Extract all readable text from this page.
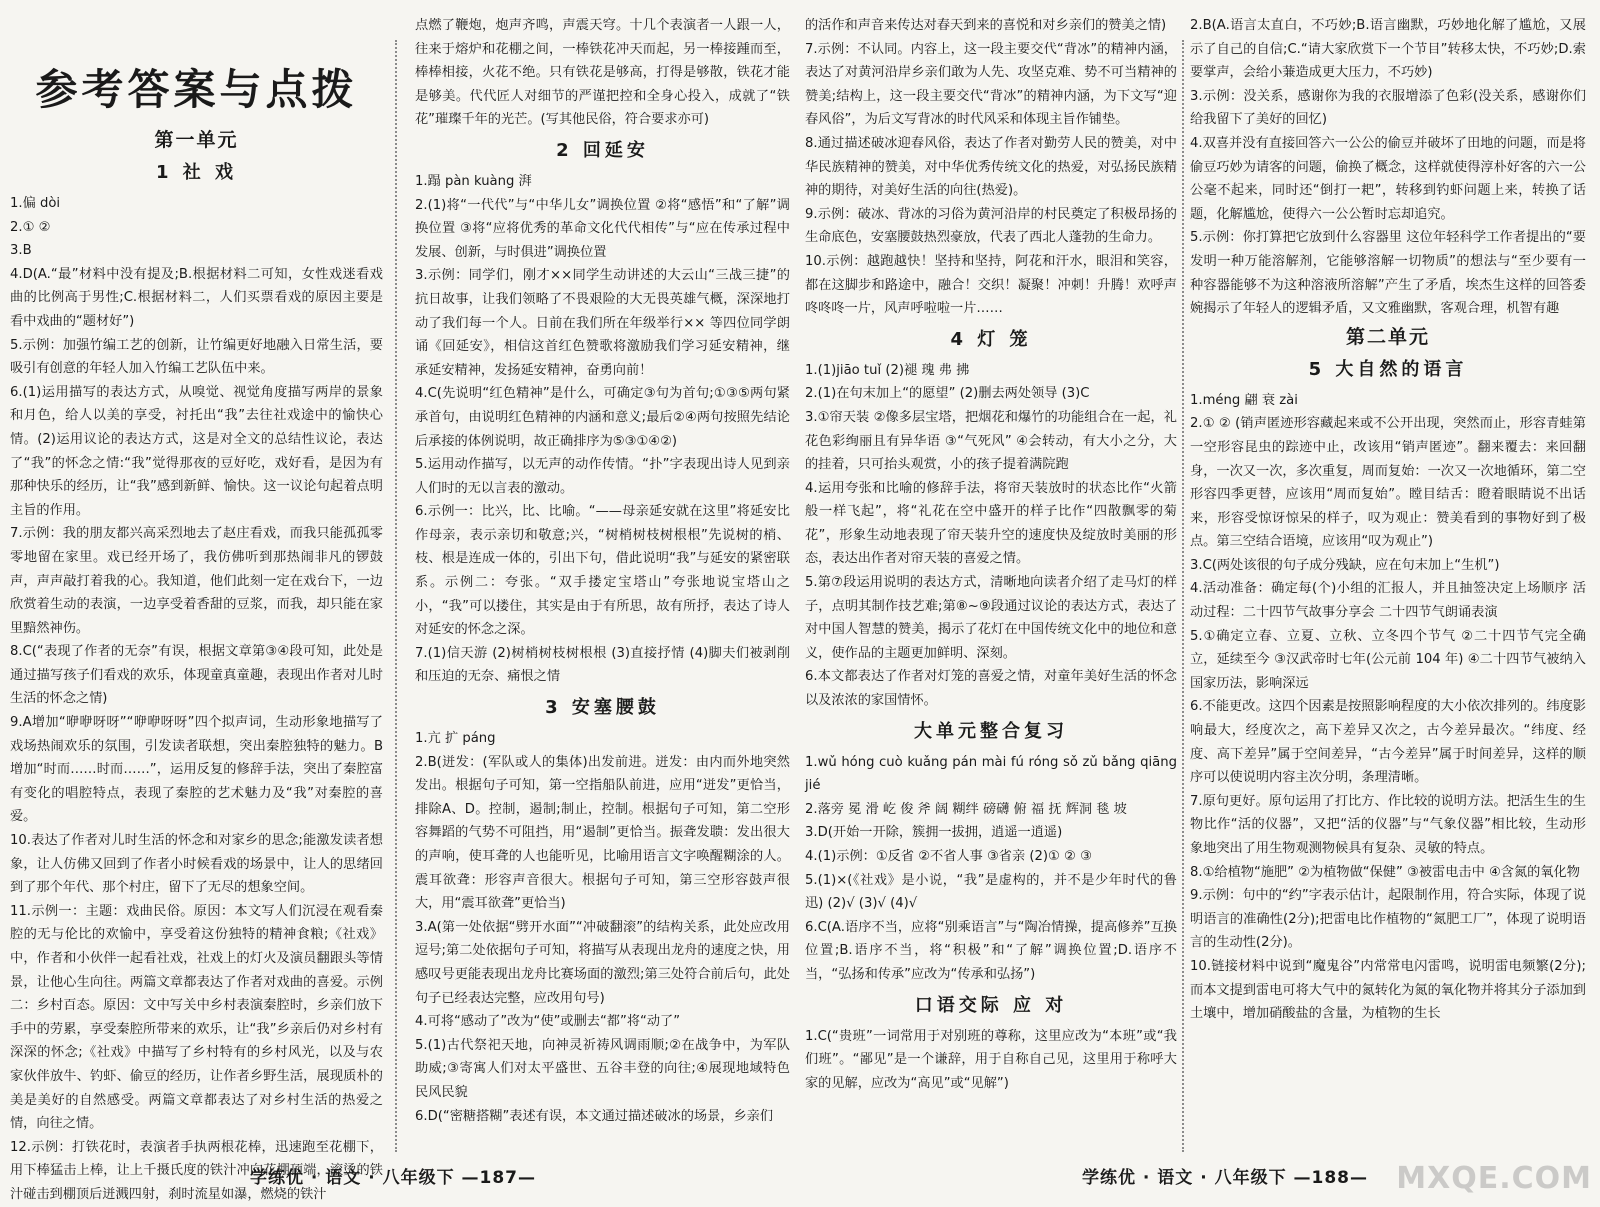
参考答案与点拨
第一单元
1 社 戏

1.偏 dòi

2.① ②

3.B

4.D(A.“最”材料中没有提及;B.根据材料二可知，女性戏迷看戏曲的比例高于男性;C.根据材料二，人们买票看戏的原因主要是看中戏曲的“题材好”)

5.示例：加强竹编工艺的创新，让竹编更好地融入日常生活，要吸引有创意的年轻人加入竹编工艺队伍中来。

6.(1)运用描写的表达方式，从嗅觉、视觉角度描写两岸的景象和月色，给人以美的享受，衬托出“我”去往社戏途中的愉快心情。(2)运用议论的表达方式，这是对全文的总结性议论，表达了“我”的怀念之情:“我”觉得那夜的豆好吃，戏好看，是因为有那种快乐的经历，让“我”感到新鲜、愉快。这一议论句起着点明主旨的作用。

7.示例：我的朋友都兴高采烈地去了赵庄看戏，而我只能孤孤零零地留在家里。戏已经开场了，我仿佛听到那热闹非凡的锣鼓声，声声敲打着我的心。我知道，他们此刻一定在戏台下，一边欣赏着生动的表演，一边享受着香甜的豆浆，而我，却只能在家里黯然神伤。

8.C(“表现了作者的无奈”有误，根据文章第③④段可知，此处是通过描写孩子们看戏的欢乐，体现童真童趣，表现出作者对儿时生活的怀念之情)

9.A增加“咿咿呀呀”“咿咿呀呀”四个拟声词，生动形象地描写了戏场热闹欢乐的氛围，引发读者联想，突出秦腔独特的魅力。B增加“时而……时而……”，运用反复的修辞手法，突出了秦腔富有变化的唱腔特点，表现了秦腔的艺术魅力及“我”对秦腔的喜爱。

10.表达了作者对儿时生活的怀念和对家乡的思念;能激发读者想象，让人仿佛又回到了作者小时候看戏的场景中，让人的思绪回到了那个年代、那个村庄，留下了无尽的想象空间。

11.示例一：主题：戏曲民俗。原因：本文写人们沉浸在观看秦腔的无与伦比的欢愉中，享受着这份独特的精神食粮;《社戏》中，作者和小伙伴一起看社戏，社戏上的灯火及演员翻跟头等情景，让他心生向往。两篇文章都表达了作者对戏曲的喜爱。示例二：乡村百态。原因：文中写关中乡村表演秦腔时，乡亲们放下手中的劳累，享受秦腔所带来的欢乐，让“我”乡亲后仍对乡村有深深的怀念;《社戏》中描写了乡村特有的乡村风光，以及与农家伙伴放牛、钓虾、偷豆的经历，让作者乡野生活，展现质朴的美是美好的自然感受。两篇文章都表达了对乡村生活的热爱之情，向往之情。

12.示例：打铁花时，表演者手执两根花棒，迅速跑至花棚下，用下棒猛击上棒，让上千摄氏度的铁汁冲向花棚顶端，滚烫的铁汁碰击到棚顶后迸溅四射，刹时流星如瀑，燃烧的铁汁

点燃了鞭炮，炮声齐鸣，声震天穹。十几个表演者一人跟一人，往来于熔炉和花棚之间，一棒铁花冲天而起，另一棒接踵而至，棒棒相接，火花不绝。只有铁花是够高，打得是够散，铁花才能是够美。代代匠人对细节的严谨把控和全身心投入，成就了“铁花”璀璨千年的光芒。(写其他民俗，符合要求亦可)

2 回延安

1.蹋 pàn kuàng 湃

2.(1)将“一代代”与“中华儿女”调换位置 ②将“感悟”和“了解”调换位置 ③将“应将优秀的革命文化代代相传”与“应在传承过程中发展、创新，与时俱进”调换位置

3.示例：同学们，刚才××同学生动讲述的大云山“三战三捷”的抗日故事，让我们领略了不畏艰险的大无畏英雄气概，深深地打动了我们每一个人。日前在我们所在年级举行×× 等四位同学朗诵《回延安》，相信这首红色赞歌将激励我们学习延安精神，继承延安精神，发扬延安精神，奋勇向前！

4.C(先说明“红色精神”是什么，可确定③句为首句;①③⑤两句紧承首句，由说明红色精神的内涵和意义;最后②④两句按照先结论后承接的体例说明，故正确排序为⑤③①④②)

5.运用动作描写，以无声的动作传情。“扑”字表现出诗人见到亲人们时的无以言表的激动。

6.示例一：比兴，比、比喻。“——母亲延安就在这里”将延安比作母亲，表示亲切和敬意;兴，“树梢树枝树根根”先说树的梢、枝、根是连成一体的，引出下句，借此说明“我”与延安的紧密联系。示例二：夸张。“双手搂定宝塔山”夸张地说宝塔山之小，“我”可以搂住，其实是由于有所思，故有所抒，表达了诗人对延安的怀念之深。

7.(1)信天游 (2)树梢树枝树根根 (3)直接抒情 (4)脚夫们被剥削和压迫的无奈、痛恨之情

3 安塞腰鼓

1.亢 扩 páng

2.B(迸发：(军队或人的集体)出发前进。迸发：由内而外地突然发出。根据句子可知，第一空指船队前进，应用“迸发”更恰当，排除A、D。控制，遏制;制止，控制。根据句子可知，第二空形容舞蹈的气势不可阻挡，用“遏制”更恰当。振聋发聩：发出很大的声响，使耳聋的人也能听见，比喻用语言文字唤醒糊涂的人。震耳欲聋：形容声音很大。根据句子可知，第三空形容鼓声很大，用“震耳欲聋”更恰当)

3.A(第一处依据“劈开水面”“冲破翻滚”的结构关系，此处应改用逗号;第二处依据句子可知，将描写从表现出龙舟的速度之快，用感叹号更能表现出龙舟比赛场面的激烈;第三处符合前后句，此处句子已经表达完整，应改用句号)

4.可将“感动了”改为“使”或删去“都”将“动了”

5.(1)古代祭祀天地，向神灵祈祷风调雨顺;②在战争中，为军队助威;③寄寓人们对太平盛世、五谷丰登的向往;④展现地域特色民风民貌

6.D(“密糖搭糊”表述有误，本文通过描述破冰的场景，乡亲们

的活作和声音来传达对春天到来的喜悦和对乡亲们的赞美之情)

7.示例：不认同。内容上，这一段主要交代“背冰”的精神内涵，表达了对黄河沿岸乡亲们敢为人先、攻坚克难、势不可当精神的赞美;结构上，这一段主要交代“背冰”的精神内涵，为下文写“迎春风俗”，为后文写背冰的时代风采和体现主旨作铺垫。

8.通过描述破冰迎春风俗，表达了作者对勤劳人民的赞美，对中华民族精神的赞美，对中华优秀传统文化的热爱，对弘扬民族精神的期待，对美好生活的向往(热爱)。

9.示例：破冰、背冰的习俗为黄河沿岸的村民奠定了积极昂扬的生命底色，安塞腰鼓热烈豪放，代表了西北人蓬勃的生命力。

10.示例：越跑越快！坚持和坚持，阿花和汗水，眼泪和笑容，都在这脚步和路途中，融合！交织！凝聚！冲刺！升腾！欢呼声咚咚咚一片，风声呼啦啦一片……

4 灯 笼

1.(1)jiāo tuǐ (2)褪 瑰 弗 拂

2.(1)在句末加上“的愿望” (2)删去两处领导 (3)C

3.①帘天装 ②像多层宝塔，把烟花和爆竹的功能组合在一起，礼花色彩绚丽且有异华语 ③“气死风” ④会转动，有大小之分，大的挂着，只可抬头观赏，小的孩子提着满院跑

4.运用夸张和比喻的修辞手法，将帘天装放时的状态比作“火箭般一样飞起”，将“礼花在空中盛开的样子比作“四散飘零的菊花”，形象生动地表现了帘天装升空的速度快及绽放时美丽的形态，表达出作者对帘天装的喜爱之情。

5.第⑦段运用说明的表达方式，清晰地向读者介绍了走马灯的样子，点明其制作技艺难;第⑧~⑨段通过议论的表达方式，表达了对中国人智慧的赞美，揭示了花灯在中国传统文化中的地位和意义，使作品的主题更加鲜明、深刻。

6.本文都表达了作者对灯笼的喜爱之情，对童年美好生活的怀念以及浓浓的家国情怀。

大单元整合复习

1.wǔ hóng cuò kuǎng pán mài fú róng sǒ zǔ bǎng qiāng jié

2.落旁 冕 滑 屹 俊 斧 阔 糊绊 磅礴 俯 福 抚 辉洞 毯 坡

3.D(开始一开除，簇拥一拔拥，逍遥一逍遥)

4.(1)示例：①反省 ②不省人事 ③省亲 (2)① ② ③

5.(1)×(《社戏》是小说，“我”是虚构的，并不是少年时代的鲁迅) (2)√ (3)√ (4)√

6.C(A.语序不当，应将“别乘语言”与“陶冶情操，提高修养”互换位置;B.语序不当，将“积极”和“了解”调换位置;D.语序不当，“弘扬和传承”应改为“传承和弘扬”)

口语交际 应 对

1.C(“贵班”一词常用于对别班的尊称，这里应改为“本班”或“我们班”。“鄙见”是一个谦辞，用于自称自己见，这里用于称呼大家的见解，应改为“高见”或“见解”)

2.B(A.语言太直白，不巧妙;B.语言幽默，巧妙地化解了尴尬，又展示了自己的自信;C.“请大家欣赏下一个节目”转移太快，不巧妙;D.索要掌声，会给小蒹造成更大压力，不巧妙)

3.示例：没关系，感谢你为我的衣服增添了色彩(没关系，感谢你们给我留下了美好的回忆)

4.双喜并没有直接回答六一公公的偷豆并破坏了田地的问题，而是将偷豆巧妙为请客的问题，偷换了概念，这样就使得淳朴好客的六一公公毫不起来，同时还“倒打一耙”，转移到钓虾问题上来，转换了话题，化解尴尬，使得六一公公暂时忘却追究。

5.示例：你打算把它放到什么容器里 这位年轻科学工作者提出的“要发明一种万能溶解剂，它能够溶解一切物质”的想法与“至少要有一种容器能够不为这种溶液所溶解”产生了矛盾，埃杰生这样的回答委婉揭示了年轻人的逻辑矛盾，又文雅幽默，客观合理，机智有趣

第二单元
5 大自然的语言

1.méng 翩 衰 zài

2.① ② (销声匿迹形容藏起来或不公开出现，突然而止，形容青蛙第一空形容昆虫的踪迹中止，改该用“销声匿迹”。翻来覆去：来回翻身，一次又一次，多次重复，周而复始：一次又一次地循环，第二空形容四季更替，应该用“周而复始”。瞠目结舌：瞪着眼睛说不出话来，形容受惊讶惊呆的样子，叹为观止：赞美看到的事物好到了极点。第三空结合语境，应该用“叹为观止”)

3.C(两处该很的句子成分残缺，应在句末加上“生机”)

4.活动准备：确定每(个)小组的汇报人，并且抽签决定上场顺序 活动过程：二十四节气故事分享会 二十四节气朗诵表演

5.①确定立春、立夏、立秋、立冬四个节气 ②二十四节气完全确立，延续至今 ③汉武帝时七年(公元前 104 年) ④二十四节气被纳入国家历法，影响深远

6.不能更改。这四个因素是按照影响程度的大小依次排列的。纬度影响最大，经度次之，高下差异又次之，古今差异最次。“纬度、经度、高下差异”属于空间差异，“古今差异”属于时间差异，这样的顺序可以使说明内容主次分明，条理清晰。

7.原句更好。原句运用了打比方、作比较的说明方法。把活生生的生物比作“活的仪器”，又把“活的仪器”与“气象仪器”相比较，生动形象地突出了用生物观测物候具有复杂、灵敏的特点。

8.①给植物“施肥” ②为植物做“保健” ③被雷电击中 ④含氮的氧化物

9.示例：句中的“约”字表示估计，起限制作用，符合实际，体现了说明语言的准确性(2分);把雷电比作植物的“氮肥工厂”，体现了说明语言的生动性(2分)。

10.链接材料中说到“魔鬼谷”内常常电闪雷鸣，说明雷电频繁(2分);而本文提到雷电可将大气中的氮转化为氮的氧化物并将其分子添加到土壤中，增加硝酸盐的含量，为植物的生长

学练优 · 语文 · 八年级下 —187—	学练优 · 语文 · 八年级下 —188— MXQE.COM
